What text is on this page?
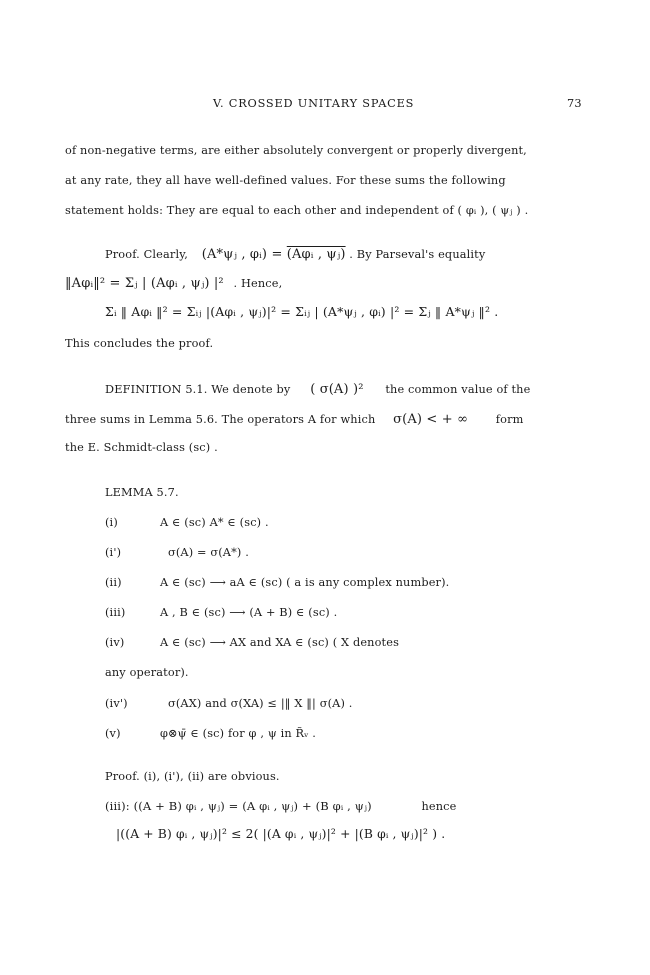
V. CROSSED UNITARY SPACES	73
of non-negative terms, are either absolutely convergent or properly divergent,
at any rate, they all have well-defined values. For these sums the following
statement holds: They are equal to each other and independent of ( φᵢ ), ( ψⱼ ) .
Proof. Clearly, (A*ψⱼ , φᵢ) = (Aφᵢ , ψⱼ) . By Parseval's equality
‖Aφᵢ‖² = Σⱼ | (Aφᵢ , ψⱼ) |² . Hence,
Σᵢ ‖ Aφᵢ ‖² = Σᵢⱼ |(Aφᵢ , ψⱼ)|² = Σᵢⱼ | (A*ψⱼ , φᵢ) |² = Σⱼ ‖ A*ψⱼ ‖² .
This concludes the proof.
DEFINITION 5.1. We denote by ( σ(A) )² the common value of the
three sums in Lemma 5.6. The operators A for which σ(A) < + ∞ form
the E. Schmidt-class (sc) .
LEMMA 5.7.
(i)	A ∈ (sc) A* ∈ (sc) .
(i')	σ(A) = σ(A*) .
(ii)	A ∈ (sc) ⟶ aA ∈ (sc) ( a is any complex number).
(iii)	A , B ∈ (sc) ⟶ (A + B) ∈ (sc) .
(iv)	A ∈ (sc) ⟶ AX and XA ∈ (sc) ( X denotes
any operator).
(iv')	σ(AX) and σ(XA) ≤ |‖ X ‖| σ(A) .
(v)	φ⊗ψ̄ ∈ (sc) for φ , ψ in R̃ᵥ .
Proof. (i), (i'), (ii) are obvious.
(iii): ((A + B) φᵢ , ψⱼ) = (A φᵢ , ψⱼ) + (B φᵢ , ψⱼ)	hence
|((A + B) φᵢ , ψⱼ)|² ≤ 2( |(A φᵢ , ψⱼ)|² + |(B φᵢ , ψⱼ)|² ) .
